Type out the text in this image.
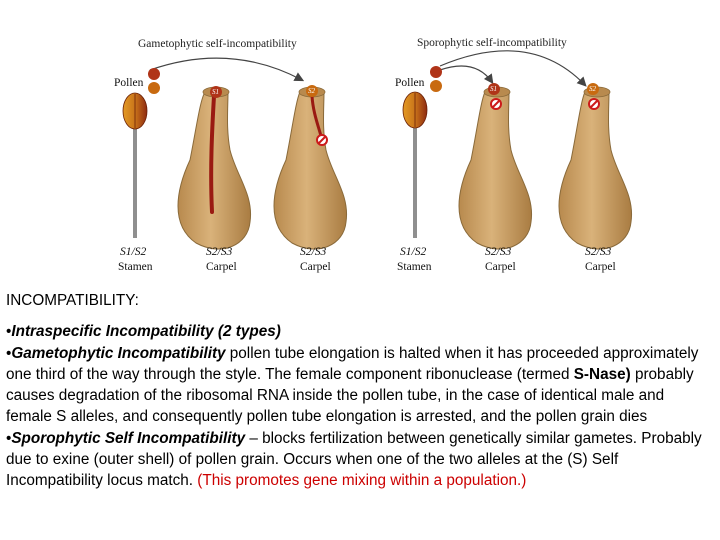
Gametophytic self-incompatibility	Sporophytic self-incompatibility
Pollen
S1	S2
Pollen	S1	S2
S1/S2
Stamen
S2/S3
Carpel
S2/S3
Carpel
S1/S2
Stamen
S2/S3
Carpel
S2/S3
Carpel

INCOMPATIBILITY:

•Intraspecific Incompatibility (2 types)

•Gametophytic Incompatibility pollen tube elongation is halted when it has proceeded approximately one third of the way through the style. The female component ribonuclease (termed S-Nase) probably causes degradation of the ribosomal RNA inside the pollen tube, in the case of identical male and female S alleles, and consequently pollen tube elongation is arrested, and the pollen grain dies

•Sporophytic Self Incompatibility – blocks fertilization between genetically similar gametes. Probably due to exine (outer shell) of pollen grain. Occurs when one of the two alleles at the (S) Self Incompatibility locus match. (This promotes gene mixing within a population.)
